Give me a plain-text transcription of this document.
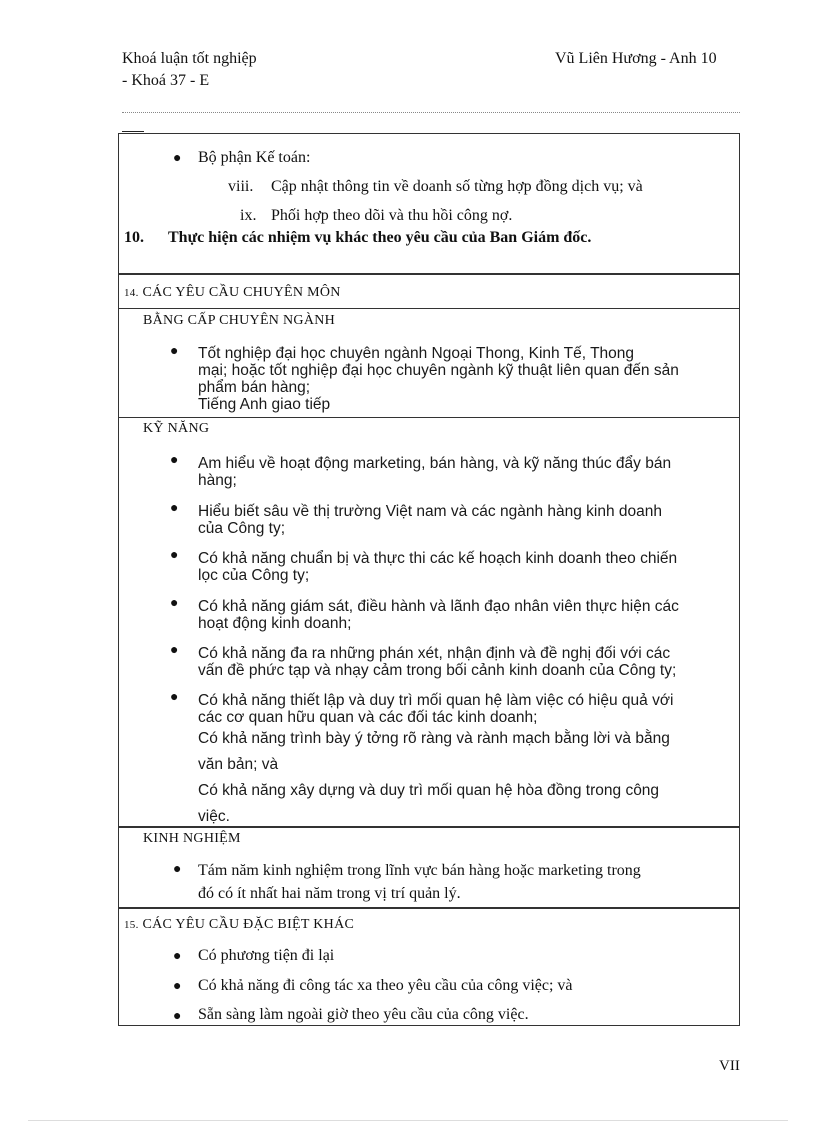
Khoá luận tốt nghiệp
- Khoá 37 - E
Vũ Liên Hương - Anh 10
● Bộ phận Kế toán:
viii. Cập nhật thông tin về doanh số từng hợp đồng dịch vụ; và
ix. Phối hợp theo dõi và thu hồi công nợ.
10. Thực hiện các nhiệm vụ khác theo yêu cầu của Ban Giám đốc.
14. CÁC YÊU CẦU CHUYÊN MÔN
BẰNG CẤP CHUYÊN NGÀNH
● Tốt nghiệp đại học chuyên ngành Ngoại Thong, Kinh Tế, Thong
mại; hoặc tốt nghiệp đại học chuyên ngành kỹ thuật liên quan đến sản
phẩm bán hàng;
Tiếng Anh giao tiếp
KỸ NĂNG
● Am hiểu về hoạt động marketing, bán hàng, và kỹ năng thúc đẩy bán
hàng;
● Hiểu biết sâu về thị trường Việt nam và các ngành hàng kinh doanh
của Công ty;
● Có khả năng chuẩn bị và thực thi các kế hoạch kinh doanh theo chiến
lọc của Công ty;
● Có khả năng giám sát, điều hành và lãnh đạo nhân viên thực hiện các
hoạt động kinh doanh;
● Có khả năng đa ra những phán xét, nhận định và đề nghị đối với các
vấn đề phức tạp và nhạy cảm trong bối cảnh kinh doanh của Công ty;
● Có khả năng thiết lập và duy trì mối quan hệ làm việc có hiệu quả với
các cơ quan hữu quan và các đối tác kinh doanh;
Có khả năng trình bày ý tởng rõ ràng và rành mạch bằng lời và bằng
văn bản; và
Có khả năng xây dựng và duy trì mối quan hệ hòa đồng trong công
việc.
KINH NGHIỆM
● Tám năm kinh nghiệm trong lĩnh vực bán hàng hoặc marketing trong
đó có ít nhất hai năm trong vị trí quản lý.
15. CÁC YÊU CẦU ĐẶC BIỆT KHÁC
● Có phương tiện đi lại
● Có khả năng đi công tác xa theo yêu cầu của công việc; và
● Sẵn sàng làm ngoài giờ theo yêu cầu của công việc.
VII
